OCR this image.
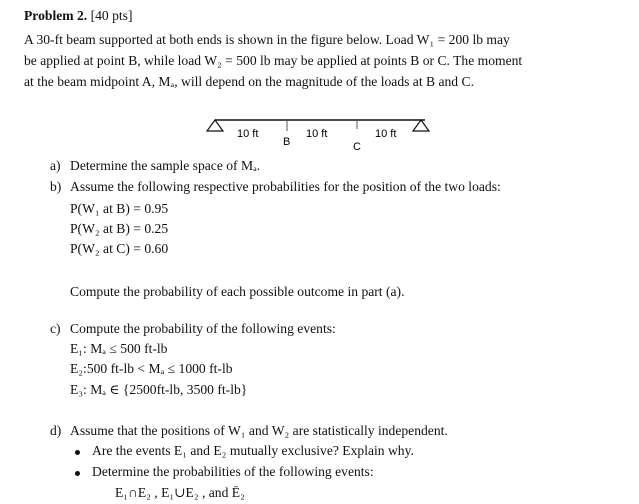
Problem 2. [40 pts]
A 30-ft beam supported at both ends is shown in the figure below. Load W₁ = 200 lb may
be applied at point B, while load W₂ = 500 lb may be applied at points B or C. The moment
at the beam midpoint A, Mₐ, will depend on the magnitude of the loads at B and C.
10 ft	10 ft	10 ft
B	C
a) Determine the sample space of Mₐ.
b) Assume the following respective probabilities for the position of the two loads:
P(W₁ at B) = 0.95
P(W₂ at B) = 0.25
P(W₂ at C) = 0.60
Compute the probability of each possible outcome in part (a).
c) Compute the probability of the following events:
E₁: Mₐ ≤ 500 ft-lb
E₂:500 ft-lb < Mₐ ≤ 1000 ft-lb
E₃: Mₐ ∈ {2500ft-lb, 3500 ft-lb}
d) Assume that the positions of W₁ and W₂ are statistically independent.
Are the events E₁ and E₂ mutually exclusive? Explain why.
Determine the probabilities of the following events:
E₁∩E₂ , E₁∪E₂ , and Ē₂
